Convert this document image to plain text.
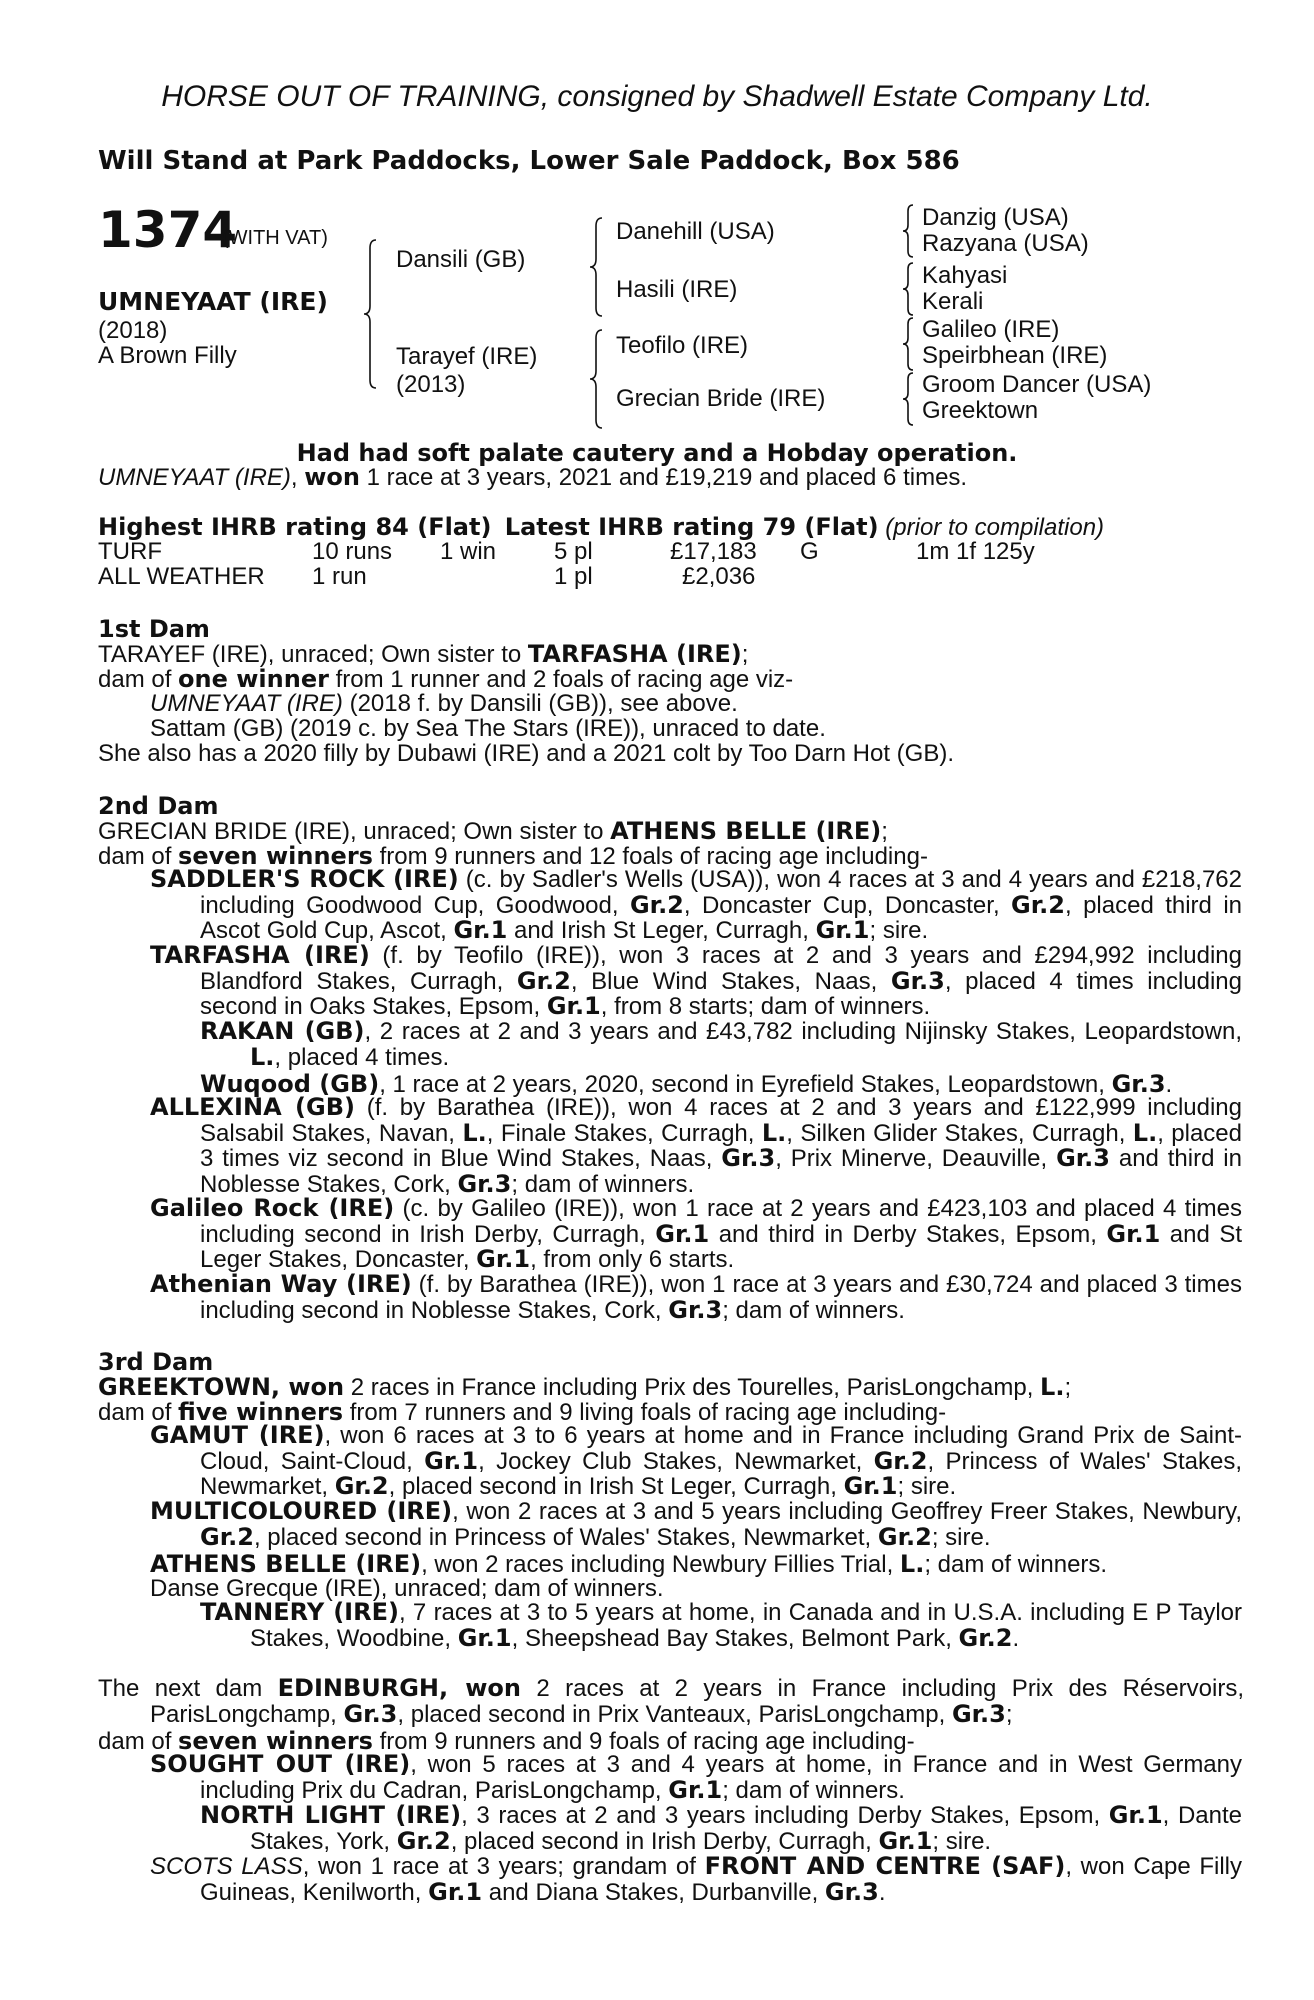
HORSE OUT OF TRAINING, consigned by Shadwell Estate Company Ltd.
Will Stand at Park Paddocks, Lower Sale Paddock, Box 586
1374
(WITH VAT)
UMNEYAAT (IRE)
(2018)
A Brown Filly
Dansili (GB)
Tarayef (IRE)
(2013)
Danehill (USA)
Hasili (IRE)
Teofilo (IRE)
Grecian Bride (IRE)
Danzig (USA)
Razyana (USA)
Kahyasi
Kerali
Galileo (IRE)
Speirbhean (IRE)
Groom Dancer (USA)
Greektown
Had had soft palate cautery and a Hobday operation.
UMNEYAAT (IRE), won 1 race at 3 years, 2021 and £19,219 and placed 6 times.
Highest IHRB rating 84 (Flat) Latest IHRB rating 79 (Flat) (prior to compilation)
TURF	10 runs 1 win 5 pl	£17,183 G	1m 1f 125y
ALL WEATHER 1 run	1 pl	£2,036
1st Dam
TARAYEF (IRE), unraced; Own sister to TARFASHA (IRE);
dam of one winner from 1 runner and 2 foals of racing age viz-
UMNEYAAT (IRE) (2018 f. by Dansili (GB)), see above.
Sattam (GB) (2019 c. by Sea The Stars (IRE)), unraced to date.
She also has a 2020 filly by Dubawi (IRE) and a 2021 colt by Too Darn Hot (GB).
2nd Dam
GRECIAN BRIDE (IRE), unraced; Own sister to ATHENS BELLE (IRE);
dam of seven winners from 9 runners and 12 foals of racing age including-
SADDLER'S ROCK (IRE) (c. by Sadler's Wells (USA)), won 4 races at 3 and 4 years and £218,762 including Goodwood Cup, Goodwood, Gr.2, Doncaster Cup, Doncaster, Gr.2, placed third in Ascot Gold Cup, Ascot, Gr.1 and Irish St Leger, Curragh, Gr.1; sire.
TARFASHA (IRE) (f. by Teofilo (IRE)), won 3 races at 2 and 3 years and £294,992 including Blandford Stakes, Curragh, Gr.2, Blue Wind Stakes, Naas, Gr.3, placed 4 times including second in Oaks Stakes, Epsom, Gr.1, from 8 starts; dam of winners.
RAKAN (GB), 2 races at 2 and 3 years and £43,782 including Nijinsky Stakes, Leopardstown, L., placed 4 times.
Wuqood (GB), 1 race at 2 years, 2020, second in Eyrefield Stakes, Leopardstown, Gr.3.
ALLEXINA (GB) (f. by Barathea (IRE)), won 4 races at 2 and 3 years and £122,999 including Salsabil Stakes, Navan, L., Finale Stakes, Curragh, L., Silken Glider Stakes, Curragh, L., placed 3 times viz second in Blue Wind Stakes, Naas, Gr.3, Prix Minerve, Deauville, Gr.3 and third in Noblesse Stakes, Cork, Gr.3; dam of winners.
Galileo Rock (IRE) (c. by Galileo (IRE)), won 1 race at 2 years and £423,103 and placed 4 times including second in Irish Derby, Curragh, Gr.1 and third in Derby Stakes, Epsom, Gr.1 and St Leger Stakes, Doncaster, Gr.1, from only 6 starts.
Athenian Way (IRE) (f. by Barathea (IRE)), won 1 race at 3 years and £30,724 and placed 3 times including second in Noblesse Stakes, Cork, Gr.3; dam of winners.
3rd Dam
GREEKTOWN, won 2 races in France including Prix des Tourelles, ParisLongchamp, L.;
dam of five winners from 7 runners and 9 living foals of racing age including-
GAMUT (IRE), won 6 races at 3 to 6 years at home and in France including Grand Prix de Saint-Cloud, Saint-Cloud, Gr.1, Jockey Club Stakes, Newmarket, Gr.2, Princess of Wales' Stakes, Newmarket, Gr.2, placed second in Irish St Leger, Curragh, Gr.1; sire.
MULTICOLOURED (IRE), won 2 races at 3 and 5 years including Geoffrey Freer Stakes, Newbury, Gr.2, placed second in Princess of Wales' Stakes, Newmarket, Gr.2; sire.
ATHENS BELLE (IRE), won 2 races including Newbury Fillies Trial, L.; dam of winners.
Danse Grecque (IRE), unraced; dam of winners.
TANNERY (IRE), 7 races at 3 to 5 years at home, in Canada and in U.S.A. including E P Taylor Stakes, Woodbine, Gr.1, Sheepshead Bay Stakes, Belmont Park, Gr.2.
The next dam EDINBURGH, won 2 races at 2 years in France including Prix des Réservoirs, ParisLongchamp, Gr.3, placed second in Prix Vanteaux, ParisLongchamp, Gr.3;
dam of seven winners from 9 runners and 9 foals of racing age including-
SOUGHT OUT (IRE), won 5 races at 3 and 4 years at home, in France and in West Germany including Prix du Cadran, ParisLongchamp, Gr.1; dam of winners.
NORTH LIGHT (IRE), 3 races at 2 and 3 years including Derby Stakes, Epsom, Gr.1, Dante Stakes, York, Gr.2, placed second in Irish Derby, Curragh, Gr.1; sire.
SCOTS LASS, won 1 race at 3 years; grandam of FRONT AND CENTRE (SAF), won Cape Filly Guineas, Kenilworth, Gr.1 and Diana Stakes, Durbanville, Gr.3.
